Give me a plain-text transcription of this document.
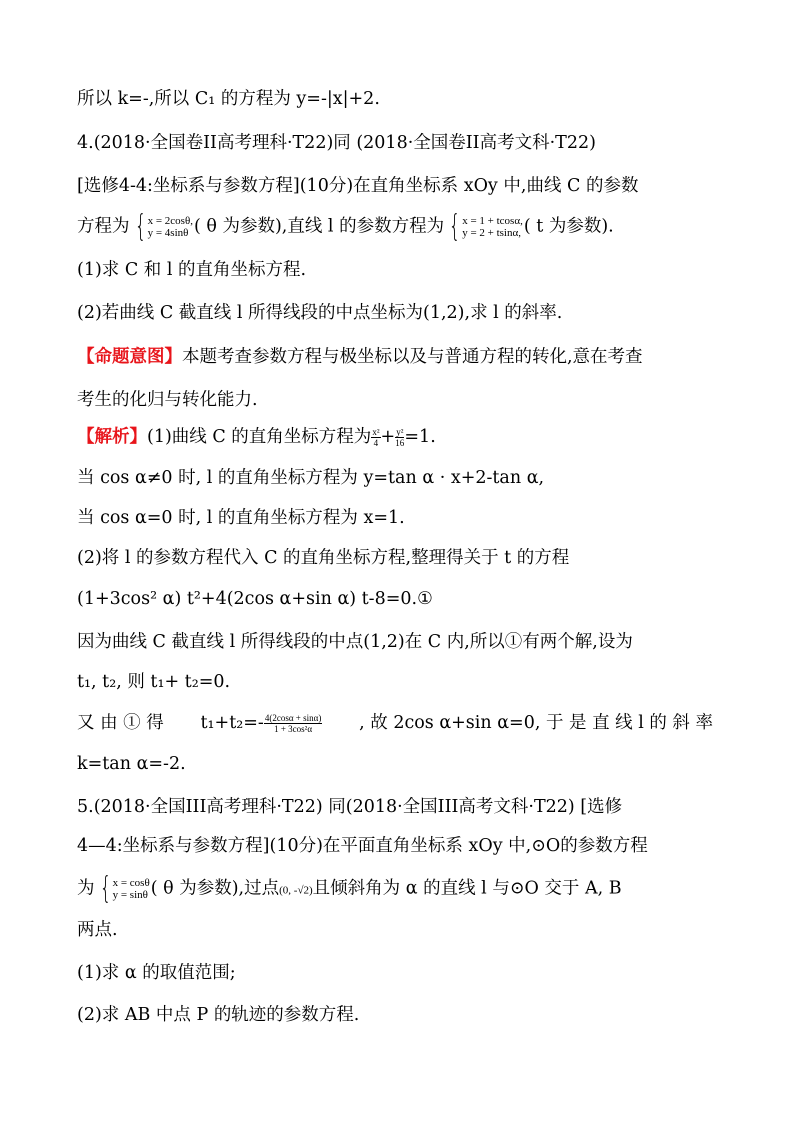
所以 k=-,所以 C₁ 的方程为 y=-|x|+2.
4.(2018·全国卷II高考理科·T22)同 (2018·全国卷II高考文科·T22)
[选修4-4:坐标系与参数方程](10分)在直角坐标系 xOy 中,曲线 C 的参数
方程为 { x = 2cosθ,
y = 4sinθ ( θ 为参数),直线 l 的参数方程为 { x = 1 + tcosα,
y = 2 + tsinα, ( t 为参数).
(1)求 C 和 l 的直角坐标方程.
(2)若曲线 C 截直线 l 所得线段的中点坐标为(1,2),求 l 的斜率.
【命题意图】本题考查参数方程与极坐标以及与普通方程的转化,意在考查
考生的化归与转化能力.
【解析】(1)曲线 C 的直角坐标方程为 $\frac{\text{x²}}{4} + \frac{\text{y²}}{16} =1$.
当 cos α≠0 时, l 的直角坐标方程为 y=tan α · x+2-tan α,
当 cos α=0 时, l 的直角坐标方程为 x=1.
(2)将 l 的参数方程代入 C 的直角坐标方程,整理得关于 t 的方程
(1+3cos² α) t²+4(2cos α+sin α) t-8=0.①
因为曲线 C 截直线 l 所得线段的中点(1,2)在 C 内,所以①有两个解,设为
t₁, t₂, 则 t₁+ t₂=0.
又 由 ① 得 $t_1+t_2=- \frac{4(2\cos\alpha + \sin\alpha)}{\text{1 + 3cos²α}}$ , 故 2cos α+sin α=0, 于 是 直 线 l 的 斜 率
k=tan α=-2.
5.(2018·全国III高考理科·T22) 同(2018·全国III高考文科·T22) [选修
4—4:坐标系与参数方程](10分)在平面直角坐标系 xOy 中,⊙O的参数方程
为 { x = cosθ
y = sinθ ( θ 为参数),过点(0, -√2)且倾斜角为 α 的直线 l 与⊙O 交于 A, B
两点.
(1)求 α 的取值范围;
(2)求 AB 中点 P 的轨迹的参数方程.
